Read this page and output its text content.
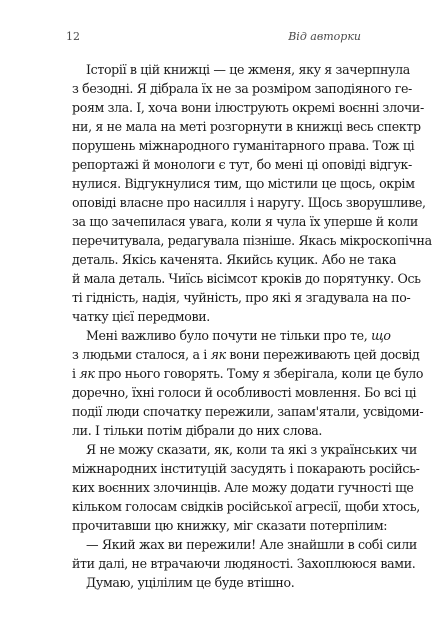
12	Від авторки
Історії в цій книжці — це жменя, яку я зачерпнула
з безодні. Я дібрала їх не за розміром заподіяного ге-
роям зла. І, хоча вони ілюструють окремі воєнні злочи-
ни, я не мала на меті розгорнути в книжці весь спектр
порушень міжнародного гуманітарного права. Тож ці
репортажі й монологи є тут, бо мені ці оповіді відгук-
нулися. Відгукнулися тим, що містили це щось, окрім
оповіді власне про насилля і наругу. Щось зворушливе,
за що зачепилася увага, коли я чула їх уперше й коли
перечитувала, редагувала пізніше. Якась мікроскопічна
деталь. Якісь каченята. Якийсь куцик. Або не така
й мала деталь. Чиїсь вісімсот кроків до порятунку. Ось
ті гідність, надія, чуйність, про які я згадувала на по-
чатку цієї передмови.
Мені важливо було почути не тільки про те, що
з людьми сталося, а і як вони переживають цей досвід
і як про нього говорять. Тому я зберігала, коли це було
доречно, їхні голоси й особливості мовлення. Бо всі ці
події люди спочатку пережили, запам'ятали, усвідоми-
ли. І тільки потім дібрали до них слова.
Я не можу сказати, як, коли та які з українських чи
міжнародних інституцій засудять і покарають російсь-
ких воєнних злочинців. Але можу додати гучності ще
кільком голосам свідків російської агресії, щоби хтось,
прочитавши цю книжку, міг сказати потерпілим:
— Який жах ви пережили! Але знайшли в собі сили
йти далі, не втрачаючи людяності. Захоплююся вами.
Думаю, уцілілим це буде втішно.
